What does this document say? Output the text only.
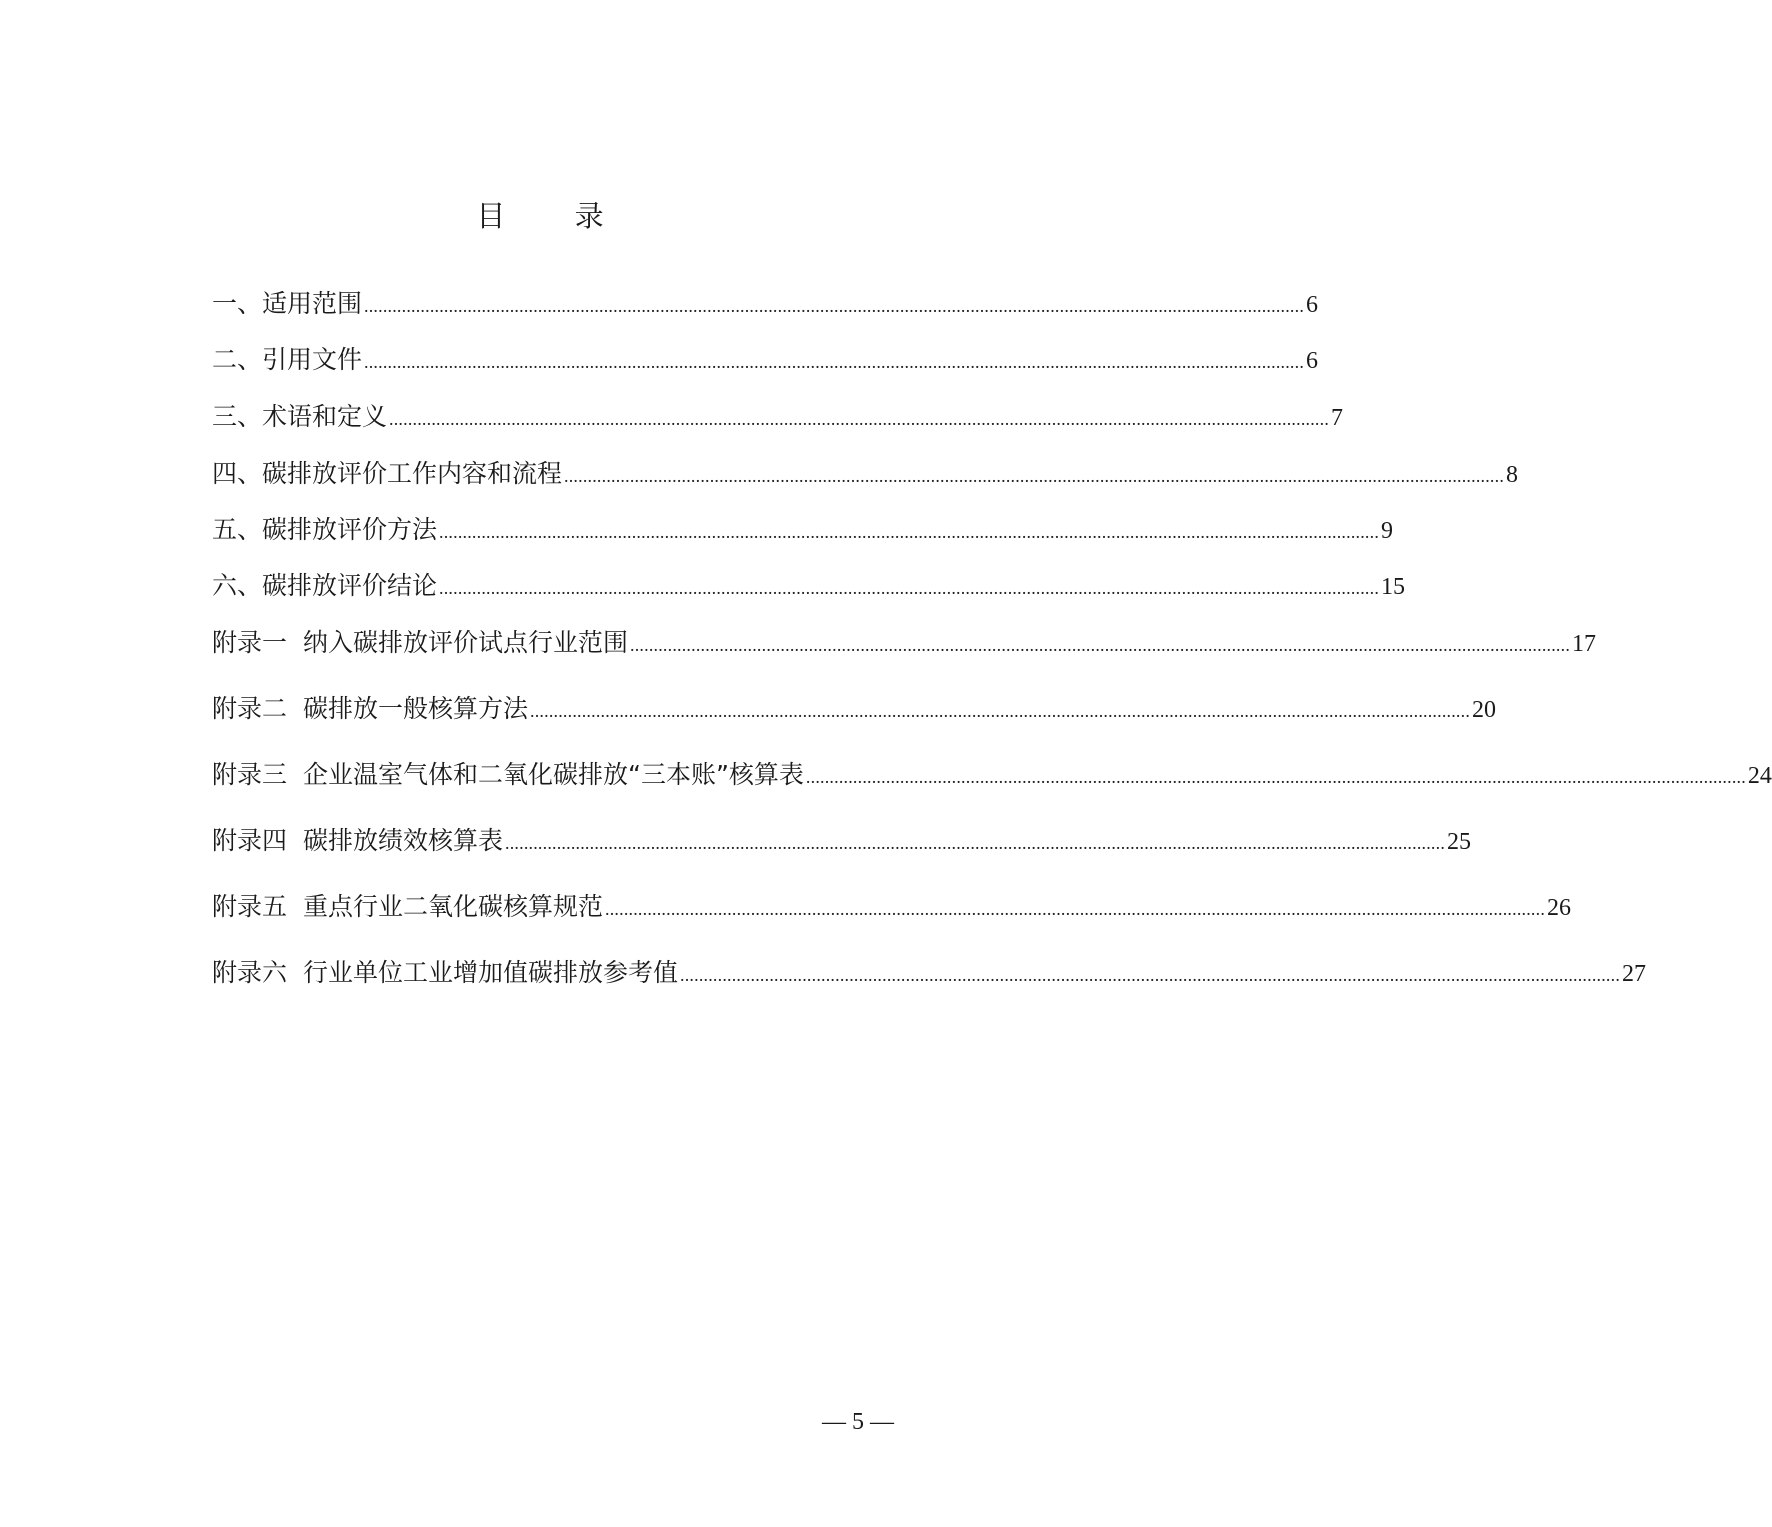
目 录
一、适用范围 ........................................................................................................................................................................................................ 6
二、引用文件 ........................................................................................................................................................................................................ 6
三、术语和定义 ........................................................................................................................................................................................................ 7
四、碳排放评价工作内容和流程 ........................................................................................................................................................................................................ 8
五、碳排放评价方法 ........................................................................................................................................................................................................ 9
六、碳排放评价结论 ........................................................................................................................................................................................................ 15
附录一 纳入碳排放评价试点行业范围 ........................................................................................................................................................................................................ 17
附录二 碳排放一般核算方法 ........................................................................................................................................................................................................ 20
附录三 企业温室气体和二氧化碳排放“三本账”核算表 ........................................................................................................................................................................................................ 24
附录四 碳排放绩效核算表 ........................................................................................................................................................................................................ 25
附录五 重点行业二氧化碳核算规范 ........................................................................................................................................................................................................ 26
附录六 行业单位工业增加值碳排放参考值 ........................................................................................................................................................................................................ 27
— 5 —
